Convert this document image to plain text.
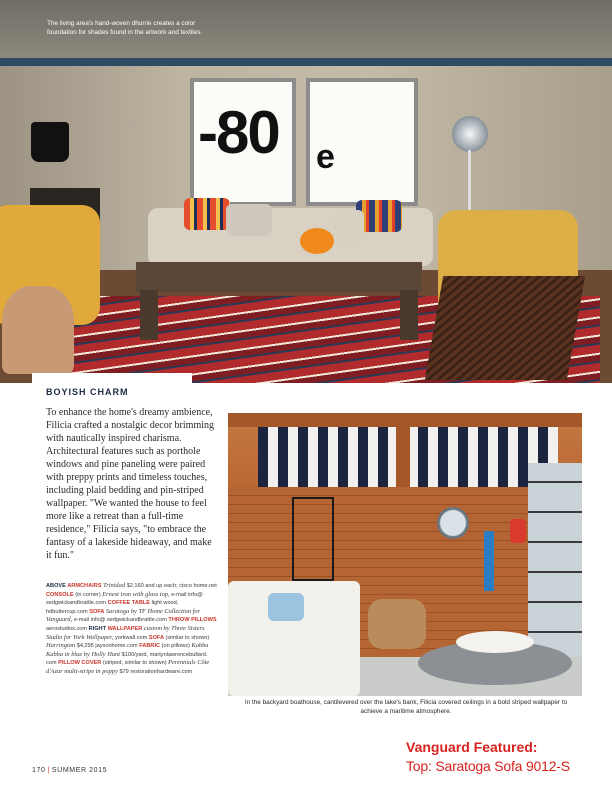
-80 e
The living area's hand-woven dhurrie creates a color foundation for shades found in the artwork and textiles.
BOYISH CHARM

To enhance the home's dreamy ambience, Filicia crafted a nostalgic decor brimming with nautically inspired charisma. Architectural features such as porthole windows and pine paneling were paired with preppy prints and timeless touches, including plaid bedding and pin-striped wallpaper. "We wanted the house to feel more like a retreat than a full-time residence," Filicia says, "to embrace the fantasy of a lakeside hideaway, and make it fun."

ABOVE ARMCHAIRS Trinidad $2,160 and up each; cisco home.net CONSOLE (in corner) Ernest iron with glass top, e-mail info@ sedgwickandbrattle.com COFFEE TABLE light wood, hdbuttercup.com SOFA Saratoga by TF Home Collection for Vanguard, e-mail info@ sedgwickandbrattle.com THROW PILLOWS aerostudios.com RIGHT WALLPAPER custom by Three Sisters Studio for York Wallpaper, yorkwall.com SOFA (similar to shown) Harrington $4,295 jaysonhome.com FABRIC (on pillows) Kabba Kabba in blue by Holly Hunt $100/yard, martynlawrencebullard. com PILLOW COVER (striped, similar to shown) Perennials Côte d'Azur multi-stripe in poppy $79 restorationhardware.com
In the backyard boathouse, cantilevered over the lake's bank, Filicia covered ceilings in a bold striped wallpaper to achieve a maritime atmosphere.
170 | SUMMER 2015
Vanguard Featured:
Top: Saratoga Sofa 9012-S
